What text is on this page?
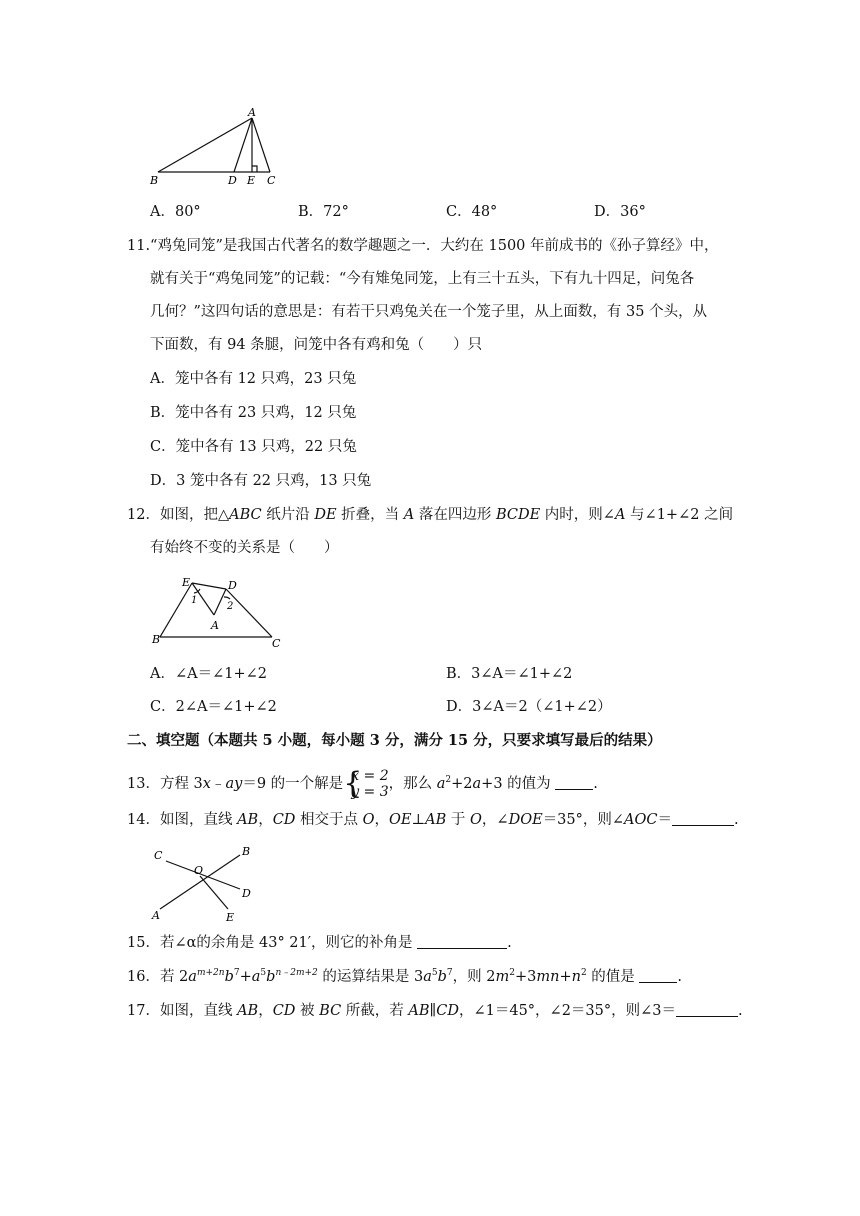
A
B	D E C
A．80°	B．72°	C．48°	D．36°
11.“鸡兔同笼”是我国古代著名的数学趣题之一．大约在 1500 年前成书的《孙子算经》中，
就有关于“鸡兔同笼”的记载：“今有雉兔同笼，上有三十五头，下有九十四足，问兔各
几何？”这四句话的意思是：有若干只鸡兔关在一个笼子里，从上面数，有 35 个头，从
下面数，有 94 条腿，问笼中各有鸡和兔（　　）只
A．笼中各有 12 只鸡，23 只兔
B．笼中各有 23 只鸡，12 只兔
C．笼中各有 13 只鸡，22 只兔
D．3 笼中各有 22 只鸡，13 只兔
12．如图，把△ABC 纸片沿 DE 折叠，当 A 落在四边形 BCDE 内时，则∠A 与∠1+∠2 之间
有始终不变的关系是（　　）
E	D
1
2
A
B	C
A．∠A＝∠1+∠2	B．3∠A＝∠1+∠2
C．2∠A＝∠1+∠2	D．3∠A＝2（∠1+∠2）
二、填空题（本题共 5 小题，每小题 3 分，满分 15 分，只要求填写最后的结果）
13．方程 3x﹣ay＝9 的一个解是 {
x = 2
y = 3，那么 $a^2+2a+3$ 的值为	.
14．如图，直线 AB，CD 相交于点 O，OE⊥AB 于 O，∠DOE＝35°，则∠AOC＝	.
C
O
B
D
A	E
15．若∠α的余角是 43° 21′，则它的补角是	.
16．若 $2a^{m+2n}b^7+a^5b^{n﹣2m+2}$ 的运算结果是 $3a^5b^7$，则 $2m^2+3mn+n^2$ 的值是	.
17．如图，直线 AB，CD 被 BC 所截，若 AB∥CD，∠1＝45°，∠2＝35°，则∠3＝	.
